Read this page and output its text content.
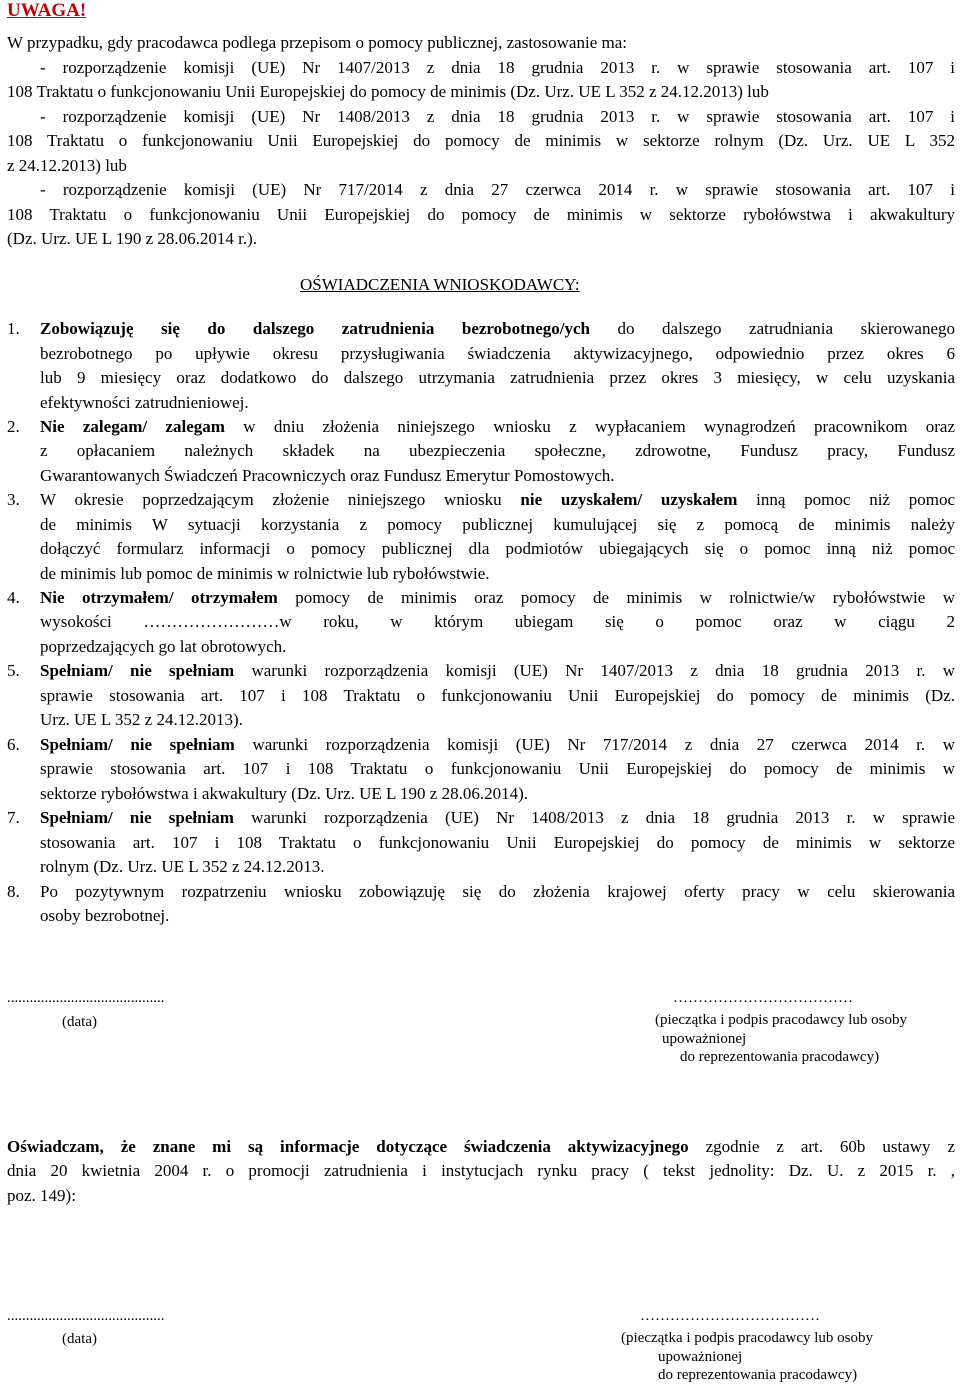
UWAGA!
W przypadku, gdy pracodawca podlega przepisom o pomocy publicznej, zastosowanie ma:
- rozporządzenie komisji (UE) Nr 1407/2013 z dnia 18 grudnia 2013 r. w sprawie stosowania art. 107 i
108 Traktatu o funkcjonowaniu Unii Europejskiej do pomocy de minimis (Dz. Urz. UE L 352 z 24.12.2013) lub
- rozporządzenie komisji (UE) Nr 1408/2013 z dnia 18 grudnia 2013 r. w sprawie stosowania art. 107 i
108 Traktatu o funkcjonowaniu Unii Europejskiej do pomocy de minimis w sektorze rolnym (Dz. Urz. UE L 352
z 24.12.2013) lub
- rozporządzenie komisji (UE) Nr 717/2014 z dnia 27 czerwca 2014 r. w sprawie stosowania art. 107 i
108 Traktatu o funkcjonowaniu Unii Europejskiej do pomocy de minimis w sektorze rybołówstwa i akwakultury
(Dz. Urz. UE L 190 z 28.06.2014 r.).
OŚWIADCZENIA WNIOSKODAWCY:
1.	Zobowiązuję się do dalszego zatrudnienia bezrobotnego/ych do dalszego zatrudniania skierowanego
bezrobotnego po upływie okresu przysługiwania świadczenia aktywizacyjnego, odpowiednio przez okres 6
lub 9 miesięcy oraz dodatkowo do dalszego utrzymania zatrudnienia przez okres 3 miesięcy, w celu uzyskania
efektywności zatrudnieniowej.
2.	Nie zalegam/ zalegam w dniu złożenia niniejszego wniosku z wypłacaniem wynagrodzeń pracownikom oraz
z opłacaniem należnych składek na ubezpieczenia społeczne, zdrowotne, Fundusz pracy, Fundusz
Gwarantowanych Świadczeń Pracowniczych oraz Fundusz Emerytur Pomostowych.
3.	W okresie poprzedzającym złożenie niniejszego wniosku nie uzyskałem/ uzyskałem inną pomoc niż pomoc
de minimis W sytuacji korzystania z pomocy publicznej kumulującej się z pomocą de minimis należy
dołączyć formularz informacji o pomocy publicznej dla podmiotów ubiegających się o pomoc inną niż pomoc
de minimis lub pomoc de minimis w rolnictwie lub rybołówstwie.
4.	Nie otrzymałem/ otrzymałem pomocy de minimis oraz pomocy de minimis w rolnictwie/w rybołówstwie w
wysokości ……………………w roku, w którym ubiegam się o pomoc oraz w ciągu 2
poprzedzających go lat obrotowych.
5.	Spełniam/ nie spełniam warunki rozporządzenia komisji (UE) Nr 1407/2013 z dnia 18 grudnia 2013 r. w
sprawie stosowania art. 107 i 108 Traktatu o funkcjonowaniu Unii Europejskiej do pomocy de minimis (Dz.
Urz. UE L 352 z 24.12.2013).
6.	Spełniam/ nie spełniam warunki rozporządzenia komisji (UE) Nr 717/2014 z dnia 27 czerwca 2014 r. w
sprawie stosowania art. 107 i 108 Traktatu o funkcjonowaniu Unii Europejskiej do pomocy de minimis w
sektorze rybołówstwa i akwakultury (Dz. Urz. UE L 190 z 28.06.2014).
7.	Spełniam/ nie spełniam warunki rozporządzenia (UE) Nr 1408/2013 z dnia 18 grudnia 2013 r. w sprawie
stosowania art. 107 i 108 Traktatu o funkcjonowaniu Unii Europejskiej do pomocy de minimis w sektorze
rolnym (Dz. Urz. UE L 352 z 24.12.2013.
8.	Po pozytywnym rozpatrzeniu wniosku zobowiązuję się do złożenia krajowej oferty pracy w celu skierowania
osoby bezrobotnej.
..........................................
(data)
………………………………
(pieczątka i podpis pracodawcy lub osoby
upoważnionej
do reprezentowania pracodawcy)
Oświadczam, że znane mi są informacje dotyczące świadczenia aktywizacyjnego zgodnie z art. 60b ustawy z
dnia 20 kwietnia 2004 r. o promocji zatrudnienia i instytucjach rynku pracy ( tekst jednolity: Dz. U. z 2015 r. ,
poz. 149):
..........................................
(data)
………………………………
(pieczątka i podpis pracodawcy lub osoby
upoważnionej
do reprezentowania pracodawcy)
